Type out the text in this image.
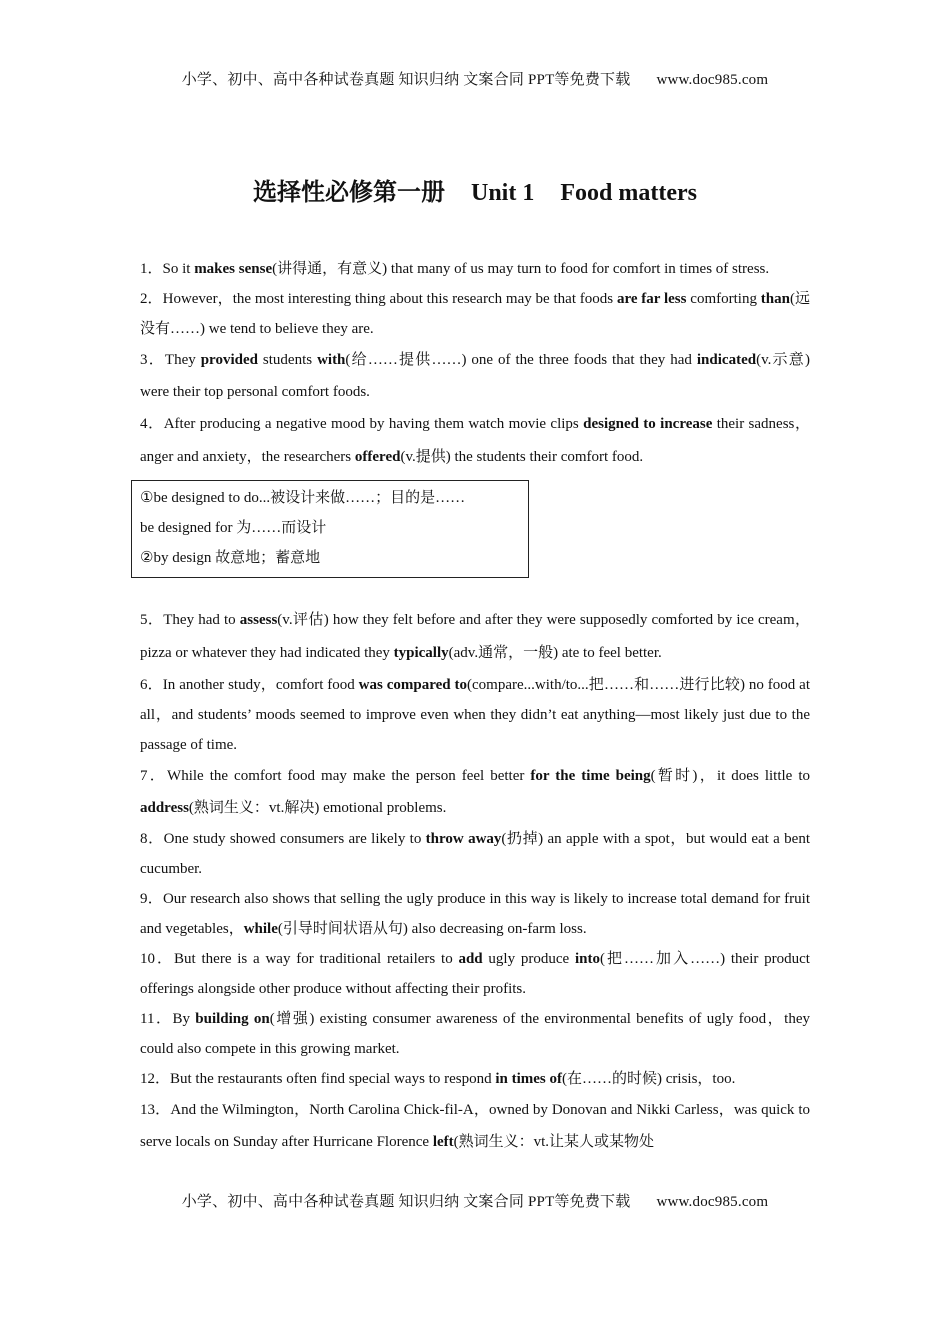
小学、初中、高中各种试卷真题 知识归纳 文案合同 PPT等免费下载 www.doc985.com
选择性必修第一册 Unit 1 Food matters

1．So it makes sense(讲得通，有意义) that many of us may turn to food for comfort in times of stress.

2．However，the most interesting thing about this research may be that foods are far less comforting than(远没有……) we tend to believe they are.

3．They provided students with(给……提供……) one of the three foods that they had indicated(v.示意) were their top personal comfort foods.

4．After producing a negative mood by having them watch movie clips designed to increase their sadness，anger and anxiety，the researchers offered(v.提供) the students their comfort food.

①be designed to do...被设计来做……；目的是……

be designed for 为……而设计

②by design 故意地；蓄意地

5．They had to assess(v.评估) how they felt before and after they were supposedly comforted by ice cream，pizza or whatever they had indicated they typically(adv.通常，一般) ate to feel better.

6．In another study，comfort food was compared to(compare...with/to...把……和……进行比较) no food at all，and students’ moods seemed to improve even when they didn’t eat anything—most likely just due to the passage of time.

7．While the comfort food may make the person feel better for the time being(暂时)，it does little to address(熟词生义：vt.解决) emotional problems.

8．One study showed consumers are likely to throw away(扔掉) an apple with a spot，but would eat a bent cucumber.

9．Our research also shows that selling the ugly produce in this way is likely to increase total demand for fruit and vegetables，while(引导时间状语从句) also decreasing on-farm loss.

10．But there is a way for traditional retailers to add ugly produce into(把……加入……) their product offerings alongside other produce without affecting their profits.

11．By building on(增强) existing consumer awareness of the environmental benefits of ugly food，they could also compete in this growing market.

12．But the restaurants often find special ways to respond in times of(在……的时候) crisis，too.

13．And the Wilmington，North Carolina Chick-fil-A，owned by Donovan and Nikki Carless，was quick to serve locals on Sunday after Hurricane Florence left(熟词生义：vt.让某人或某物处

小学、初中、高中各种试卷真题 知识归纳 文案合同 PPT等免费下载 www.doc985.com
